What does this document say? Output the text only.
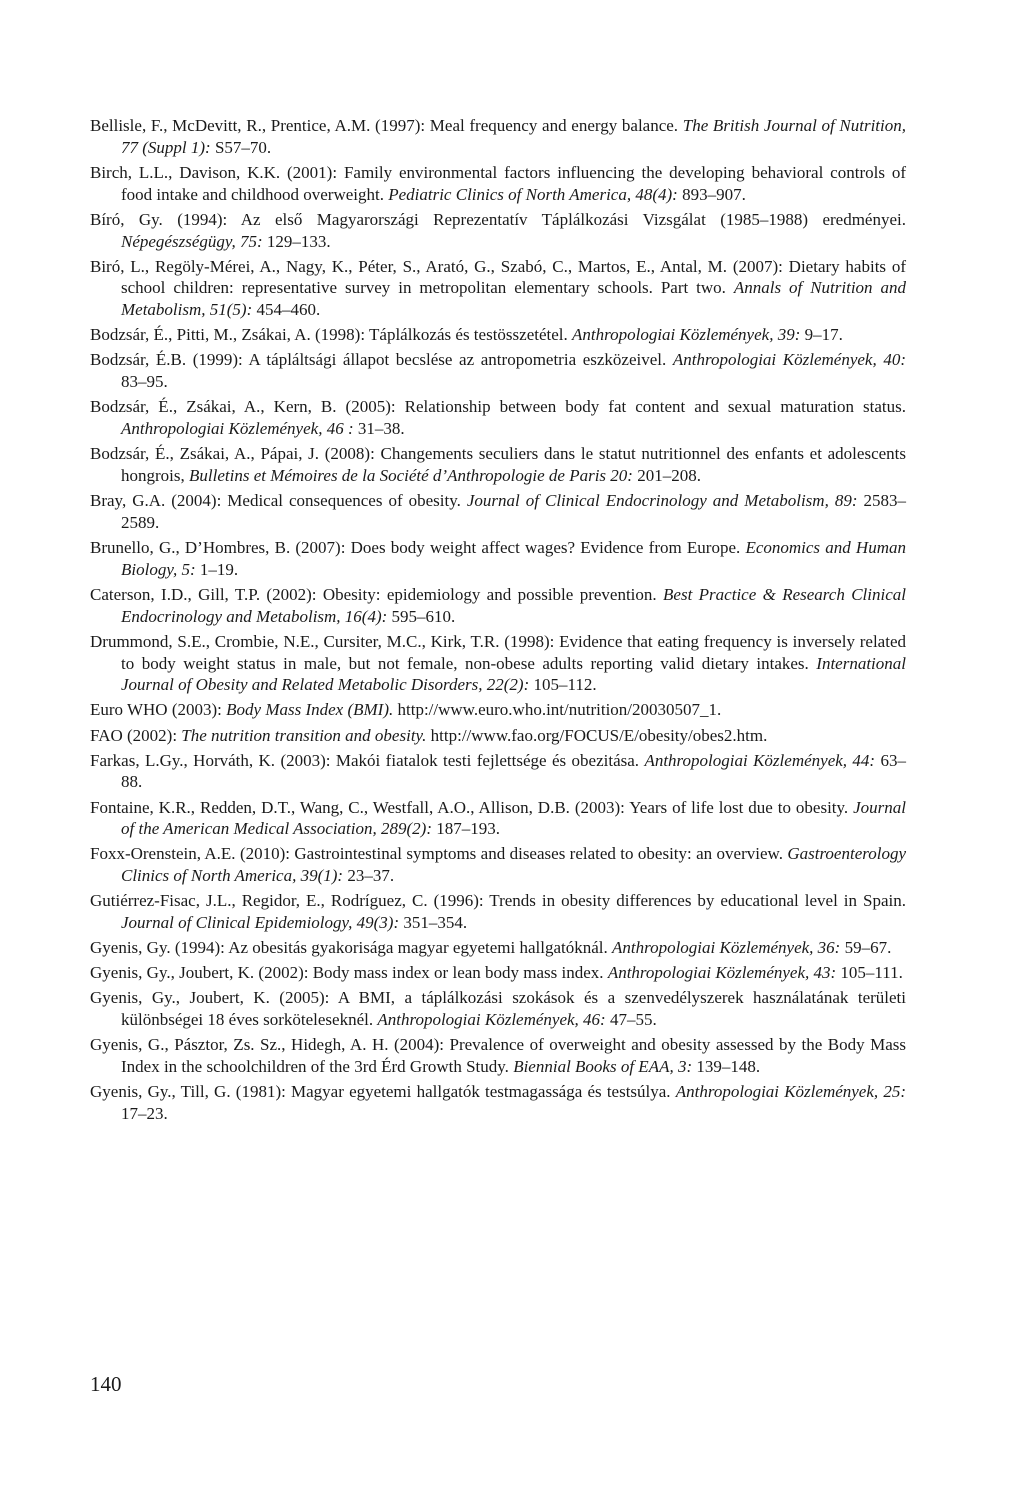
Bellisle, F., McDevitt, R., Prentice, A.M. (1997): Meal frequency and energy balance. The British Journal of Nutrition, 77 (Suppl 1): S57–70.

Birch, L.L., Davison, K.K. (2001): Family environmental factors influencing the developing behavioral controls of food intake and childhood overweight. Pediatric Clinics of North America, 48(4): 893–907.

Bíró, Gy. (1994): Az első Magyarországi Reprezentatív Táplálkozási Vizsgálat (1985–1988) eredményei. Népegészségügy, 75: 129–133.

Biró, L., Regöly-Mérei, A., Nagy, K., Péter, S., Arató, G., Szabó, C., Martos, E., Antal, M. (2007): Dietary habits of school children: representative survey in metropolitan elementary schools. Part two. Annals of Nutrition and Metabolism, 51(5): 454–460.

Bodzsár, É., Pitti, M., Zsákai, A. (1998): Táplálkozás és testösszetétel. Anthropologiai Közlemények, 39: 9–17.

Bodzsár, É.B. (1999): A tápláltsági állapot becslése az antropometria eszközeivel. Anthropologiai Közlemények, 40: 83–95.

Bodzsár, É., Zsákai, A., Kern, B. (2005): Relationship between body fat content and sexual maturation status. Anthropologiai Közlemények, 46 : 31–38.

Bodzsár, É., Zsákai, A., Pápai, J. (2008): Changements seculiers dans le statut nutritionnel des enfants et adolescents hongrois, Bulletins et Mémoires de la Société d’Anthropologie de Paris 20: 201–208.

Bray, G.A. (2004): Medical consequences of obesity. Journal of Clinical Endocrinology and Metabolism, 89: 2583–2589.

Brunello, G., D’Hombres, B. (2007): Does body weight affect wages? Evidence from Europe. Economics and Human Biology, 5: 1–19.

Caterson, I.D., Gill, T.P. (2002): Obesity: epidemiology and possible prevention. Best Practice & Research Clinical Endocrinology and Metabolism, 16(4): 595–610.

Drummond, S.E., Crombie, N.E., Cursiter, M.C., Kirk, T.R. (1998): Evidence that eating frequency is inversely related to body weight status in male, but not female, non-obese adults reporting valid dietary intakes. International Journal of Obesity and Related Metabolic Disorders, 22(2): 105–112.

Euro WHO (2003): Body Mass Index (BMI). http://www.euro.who.int/nutrition/20030507_1.

FAO (2002): The nutrition transition and obesity. http://www.fao.org/FOCUS/E/obesity/obes2.htm.

Farkas, L.Gy., Horváth, K. (2003): Makói fiatalok testi fejlettsége és obezitása. Anthropologiai Közlemények, 44: 63–88.

Fontaine, K.R., Redden, D.T., Wang, C., Westfall, A.O., Allison, D.B. (2003): Years of life lost due to obesity. Journal of the American Medical Association, 289(2): 187–193.

Foxx-Orenstein, A.E. (2010): Gastrointestinal symptoms and diseases related to obesity: an overview. Gastroenterology Clinics of North America, 39(1): 23–37.

Gutiérrez-Fisac, J.L., Regidor, E., Rodríguez, C. (1996): Trends in obesity differences by educational level in Spain. Journal of Clinical Epidemiology, 49(3): 351–354.

Gyenis, Gy. (1994): Az obesitás gyakorisága magyar egyetemi hallgatóknál. Anthropologiai Közlemények, 36: 59–67.

Gyenis, Gy., Joubert, K. (2002): Body mass index or lean body mass index. Anthropologiai Közlemények, 43: 105–111.

Gyenis, Gy., Joubert, K. (2005): A BMI, a táplálkozási szokások és a szenvedélyszerek használatának területi különbségei 18 éves sorköteleseknél. Anthropologiai Közlemények, 46: 47–55.

Gyenis, G., Pásztor, Zs. Sz., Hidegh, A. H. (2004): Prevalence of overweight and obesity assessed by the Body Mass Index in the schoolchildren of the 3rd Érd Growth Study. Biennial Books of EAA, 3: 139–148.

Gyenis, Gy., Till, G. (1981): Magyar egyetemi hallgatók testmagassága és testsúlya. Anthropologiai Közlemények, 25: 17–23.

140
